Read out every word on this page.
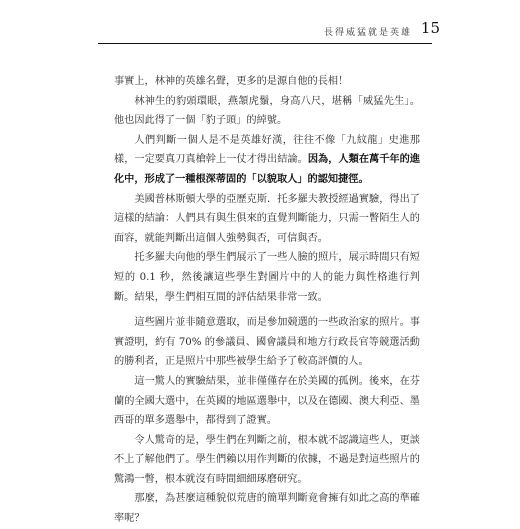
長得威猛就是英雄 15

事實上，林神的英雄名聲，更多的是源自他的長相！

林神生的豹頭環眼，燕頷虎鬚，身高八尺，堪稱「威猛先生」。他也因此得了一個「豹子頭」的綽號。

人們判斷一個人是不是英雄好漢，往往不像「九紋龍」史進那樣，一定要真刀真槍幹上一仗才得出結論。因為，人類在萬千年的進化中，形成了一種根深蒂固的「以貌取人」的認知捷徑。

美國普林斯頓大學的亞歷克斯．托多羅夫教授經過實驗，得出了這樣的結論：人們具有與生俱來的直覺判斷能力，只需一瞥陌生人的面容，就能判斷出這個人強勢與否，可信與否。

托多羅夫向他的學生們展示了一些人臉的照片，展示時間只有短短的 0.1 秒，然後讓這些學生對圖片中的人的能力與性格進行判斷。結果，學生們相互間的評估結果非常一致。

這些圖片並非隨意選取，而是參加競選的一些政治家的照片。事實證明，約有 70% 的參議員、國會議員和地方行政長官等競選活動的勝利者，正是照片中那些被學生給予了較高評價的人。

這一驚人的實驗結果，並非僅僅存在於美國的孤例。後來，在芬蘭的全國大選中，在英國的地區選舉中，以及在德國、澳大利亞、墨西哥的單多選舉中，都得到了證實。

令人驚奇的是，學生們在判斷之前，根本就不認識這些人，更談不上了解他們了。學生們賴以用作判斷的依據，不過是對這些照片的驚鴻一瞥，根本就沒有時間細細琢磨研究。

那麼，為甚麼這種貌似荒唐的簡單判斷竟會擁有如此之高的準確率呢？
